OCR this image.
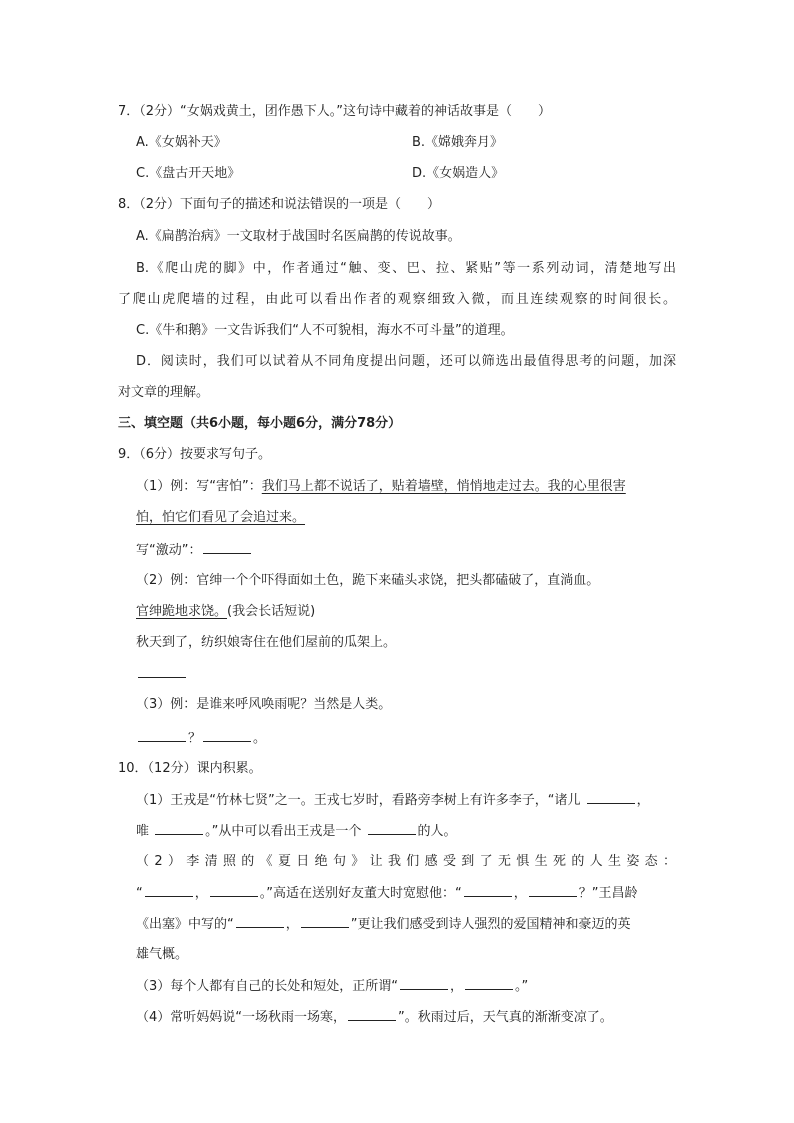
7．（2分）“女娲戏黄土，团作愚下人。”这句诗中藏着的神话故事是（　　）
A.《女娲补天》	B.《嫦娥奔月》
C.《盘古开天地》	D.《女娲造人》
8．（2分）下面句子的描述和说法错误的一项是（　　）
A.《扁鹊治病》一文取材于战国时名医扁鹊的传说故事。
B.《爬山虎的脚》中，作者通过“触、变、巴、拉、紧贴”等一系列动词，清楚地写出
了爬山虎爬墙的过程，由此可以看出作者的观察细致入微，而且连续观察的时间很长。
C.《牛和鹅》一文告诉我们“人不可貌相，海水不可斗量”的道理。
D．阅读时，我们可以试着从不同角度提出问题，还可以筛选出最值得思考的问题，加深
对文章的理解。
三、填空题（共6小题，每小题6分，满分78分）
9．（6分）按要求写句子。
（1）例：写“害怕”：我们马上都不说话了，贴着墙壁，悄悄地走过去。我的心里很害
怕，怕它们看见了会追过来。
写“激动”：
（2）例：官绅一个个吓得面如土色，跪下来磕头求饶，把头都磕破了，直淌血。
官绅跪地求饶。(我会长话短说)
秋天到了，纺织娘寄住在他们屋前的瓜架上。
（3）例：是谁来呼风唤雨呢？当然是人类。
？	。
10．（12分）课内积累。
（1）王戎是“竹林七贤”之一。王戎七岁时，看路旁李树上有许多李子，“诸儿	，
唯	。”从中可以看出王戎是一个	的人。
（2）李清照的《夏日绝句》让我们感受到了无惧生死的人生姿态：
“	，	。”高适在送别好友董大时宽慰他：“	，	？”王昌龄
《出塞》中写的“	，	”更让我们感受到诗人强烈的爱国精神和豪迈的英
雄气概。
（3）每个人都有自己的长处和短处，正所谓“	，	。”
（4）常听妈妈说“一场秋雨一场寒，	”。秋雨过后，天气真的渐渐变凉了。
